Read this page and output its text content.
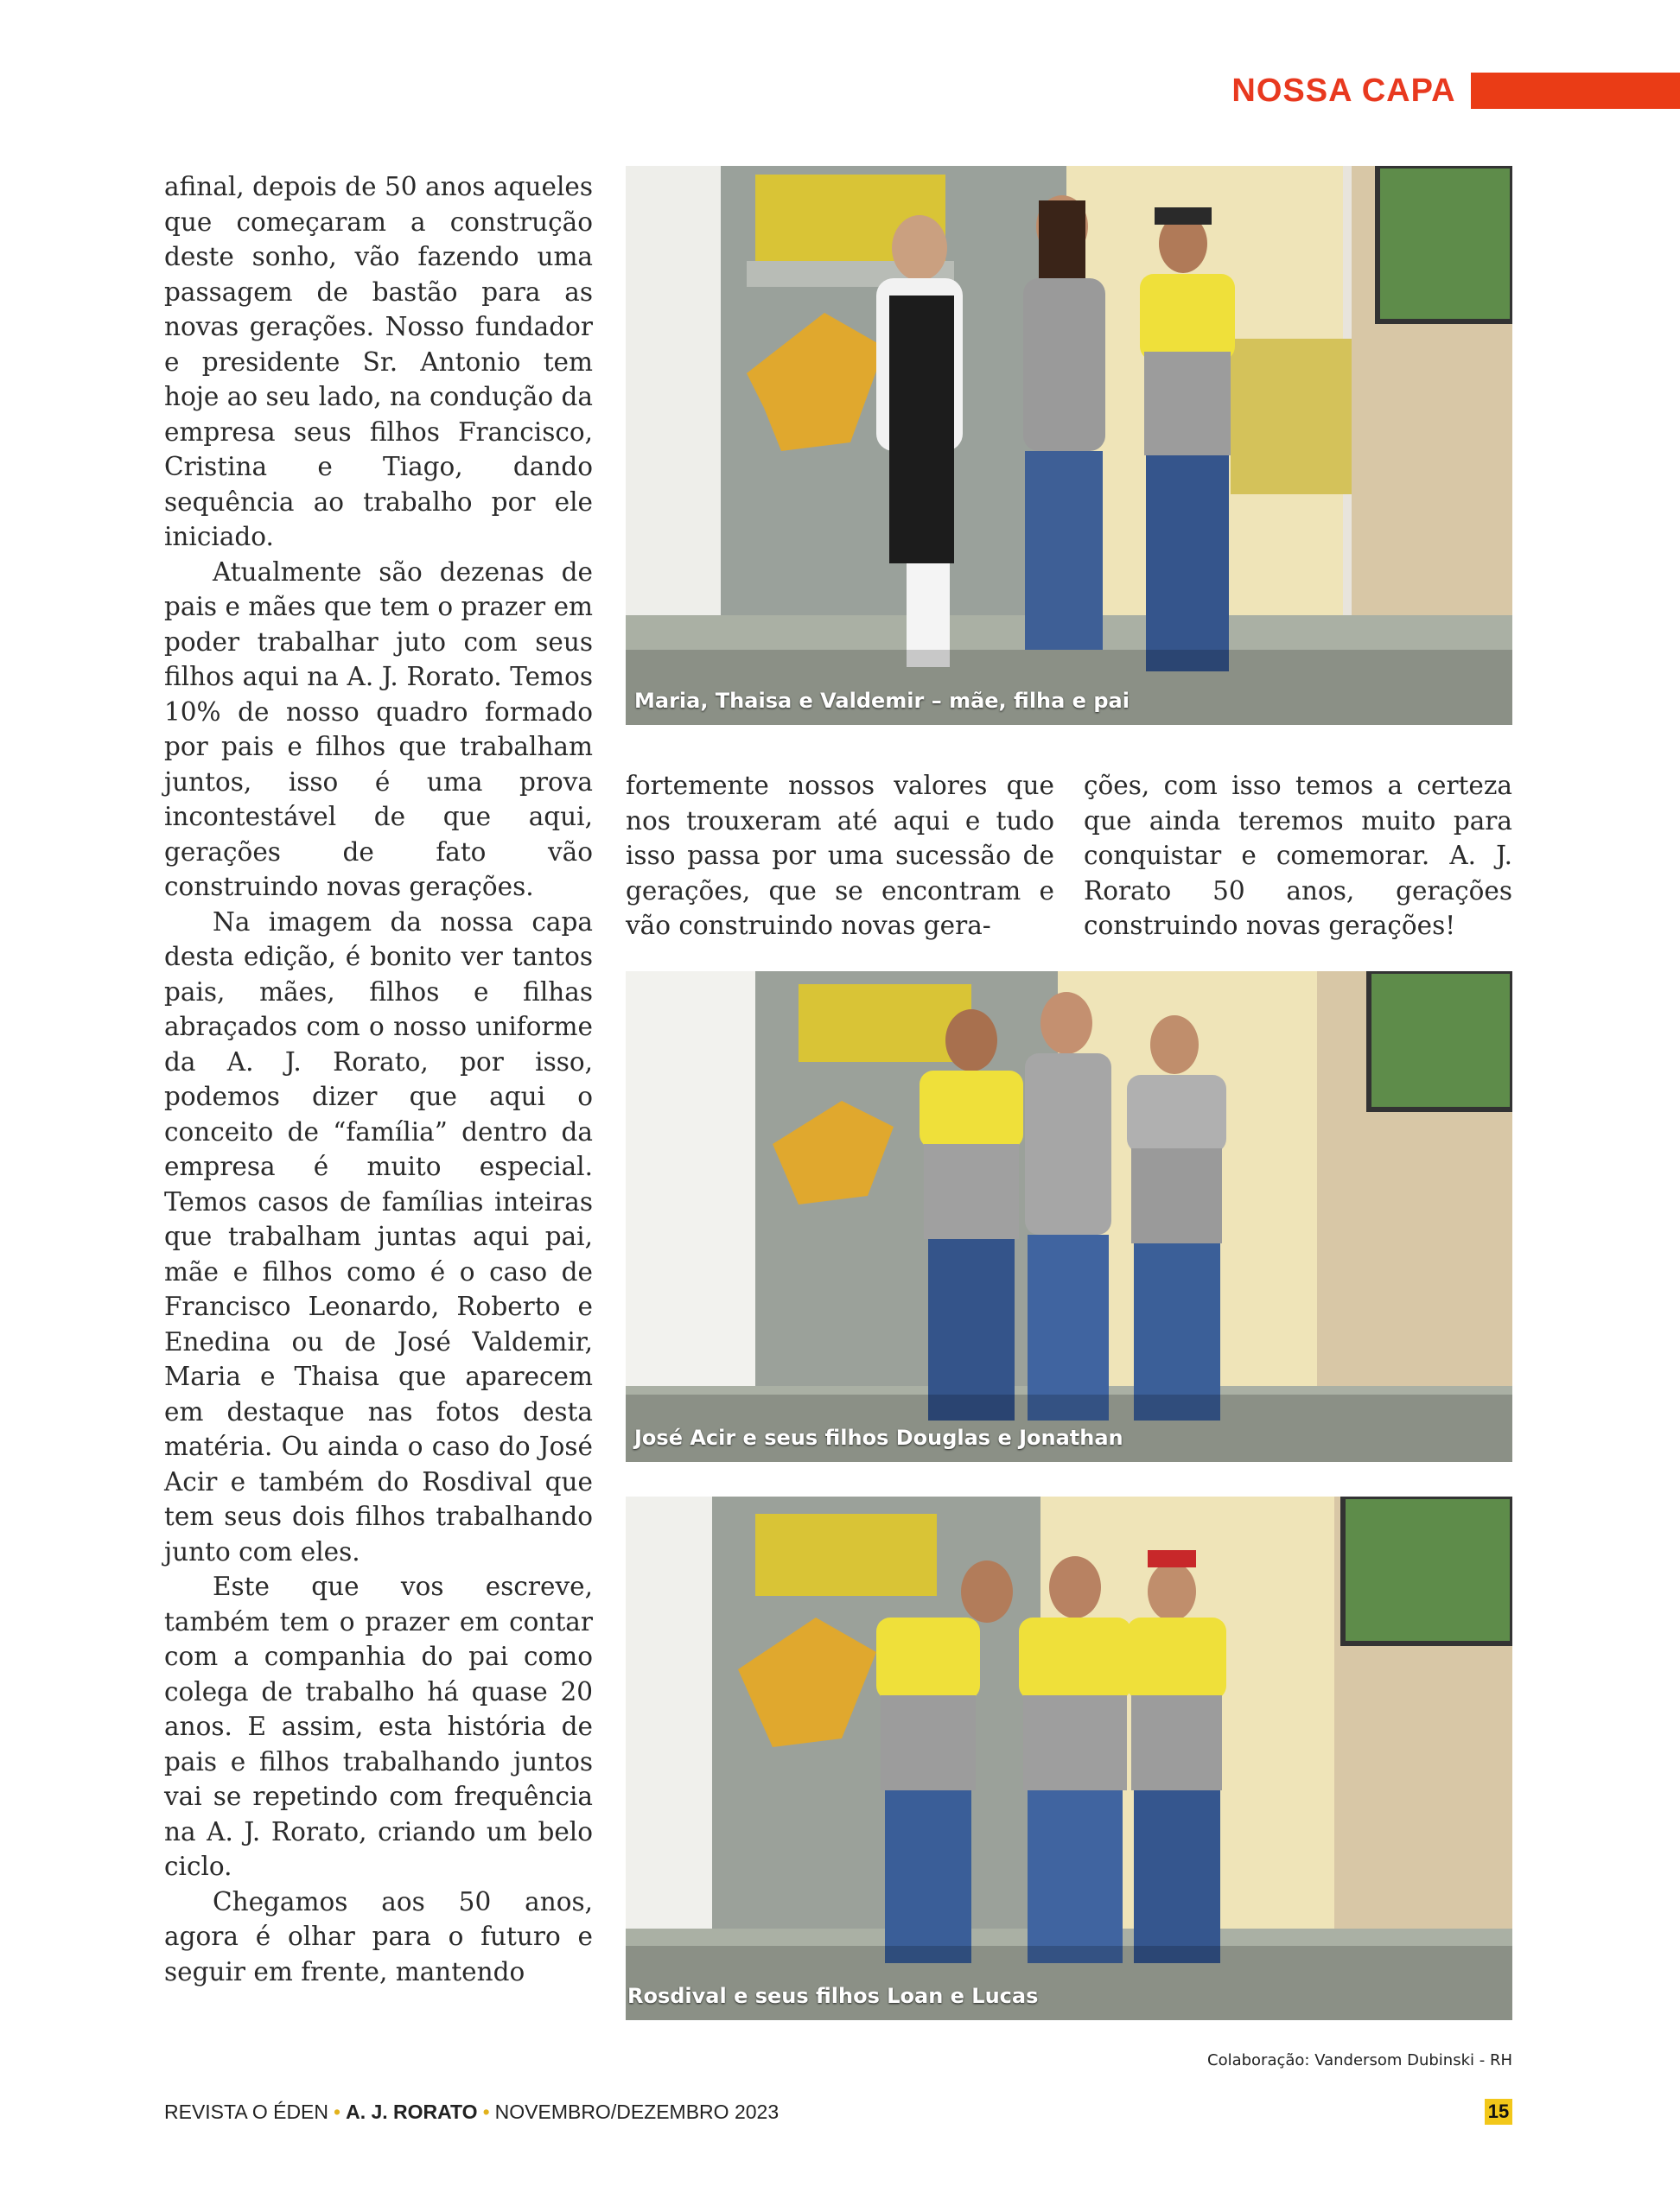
NOSSA CAPA

afinal, depois de 50 anos aqueles que começaram a construção deste sonho, vão fazendo uma passagem de bastão para as novas gerações. Nosso fundador e presidente Sr. Antonio tem hoje ao seu lado, na condução da empresa seus filhos Francisco, Cristina e Tiago, dando sequência ao trabalho por ele iniciado.

Atualmente são dezenas de pais e mães que tem o prazer em poder trabalhar juto com seus filhos aqui na A. J. Rorato. Temos 10% de nosso quadro formado por pais e filhos que trabalham juntos, isso é uma prova incontestável de que aqui, gerações de fato vão construindo novas gerações.

Na imagem da nossa capa desta edição, é bonito ver tantos pais, mães, filhos e filhas abraçados com o nosso uniforme da A. J. Rorato, por isso, podemos dizer que aqui o conceito de “família” dentro da empresa é muito especial. Temos casos de famílias inteiras que trabalham juntas aqui pai, mãe e filhos como é o caso de Francisco Leonardo, Roberto e Enedina ou de José Valdemir, Maria e Thaisa que aparecem em destaque nas fotos desta matéria. Ou ainda o caso do José Acir e também do Rosdival que tem seus dois filhos trabalhando junto com eles.

Este que vos escreve, também tem o prazer em contar com a companhia do pai como colega de trabalho há quase 20 anos. E assim, esta história de pais e filhos trabalhando juntos vai se repetindo com frequência na A. J. Rorato, criando um belo ciclo.

Chegamos aos 50 anos, agora é olhar para o futuro e seguir em frente, mantendo

fortemente nossos valores que nos trouxeram até aqui e tudo isso passa por uma sucessão de gerações, que se encontram e vão construindo novas gera-

ções, com isso temos a certeza que ainda teremos muito para conquistar e comemorar. A. J. Rorato 50 anos, gerações construindo novas gerações!

Maria, Thaisa e Valdemir – mãe, filha e pai
José Acir e seus filhos Douglas e Jonathan
Rosdival e seus filhos Loan e Lucas
Colaboração: Vandersom Dubinski - RH
REVISTA O ÉDEN • A. J. RORATO • NOVEMBRO/DEZEMBRO 2023	15
